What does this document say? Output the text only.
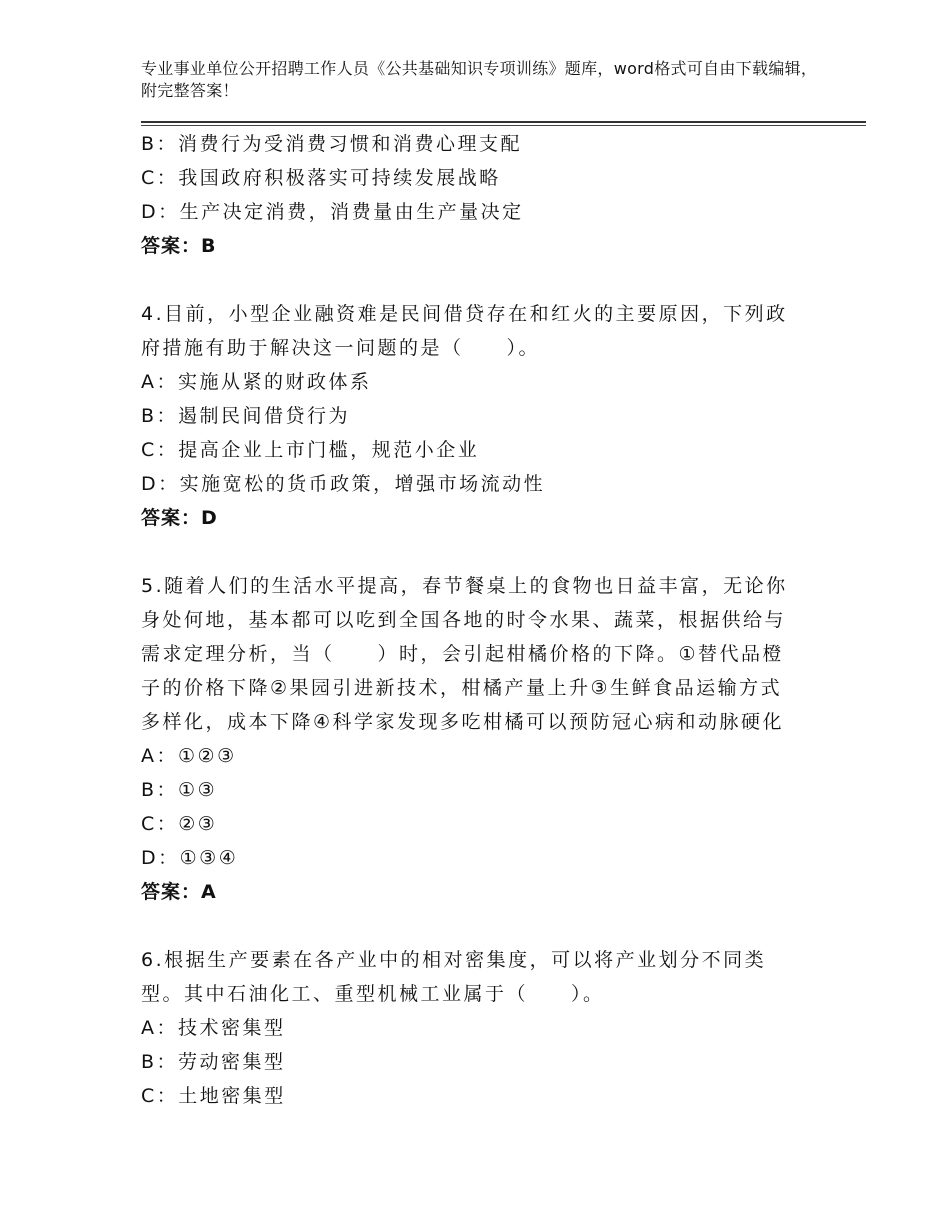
专业事业单位公开招聘工作人员《公共基础知识专项训练》题库，word格式可自由下载编辑，附完整答案！
B：消费行为受消费习惯和消费心理支配
C：我国政府积极落实可持续发展战略
D：生产决定消费，消费量由生产量决定
答案：B
4.目前，小型企业融资难是民间借贷存在和红火的主要原因，下列政
府措施有助于解决这一问题的是（　　）。
A：实施从紧的财政体系
B：遏制民间借贷行为
C：提高企业上市门槛，规范小企业
D：实施宽松的货币政策，增强市场流动性
答案：D
5.随着人们的生活水平提高，春节餐桌上的食物也日益丰富，无论你
身处何地，基本都可以吃到全国各地的时令水果、蔬菜，根据供给与
需求定理分析，当（　　）时，会引起柑橘价格的下降。①替代品橙
子的价格下降②果园引进新技术，柑橘产量上升③生鲜食品运输方式
多样化，成本下降④科学家发现多吃柑橘可以预防冠心病和动脉硬化
A：①②③
B：①③
C：②③
D：①③④
答案：A
6.根据生产要素在各产业中的相对密集度，可以将产业划分不同类
型。其中石油化工、重型机械工业属于（　　）。
A：技术密集型
B：劳动密集型
C：土地密集型
